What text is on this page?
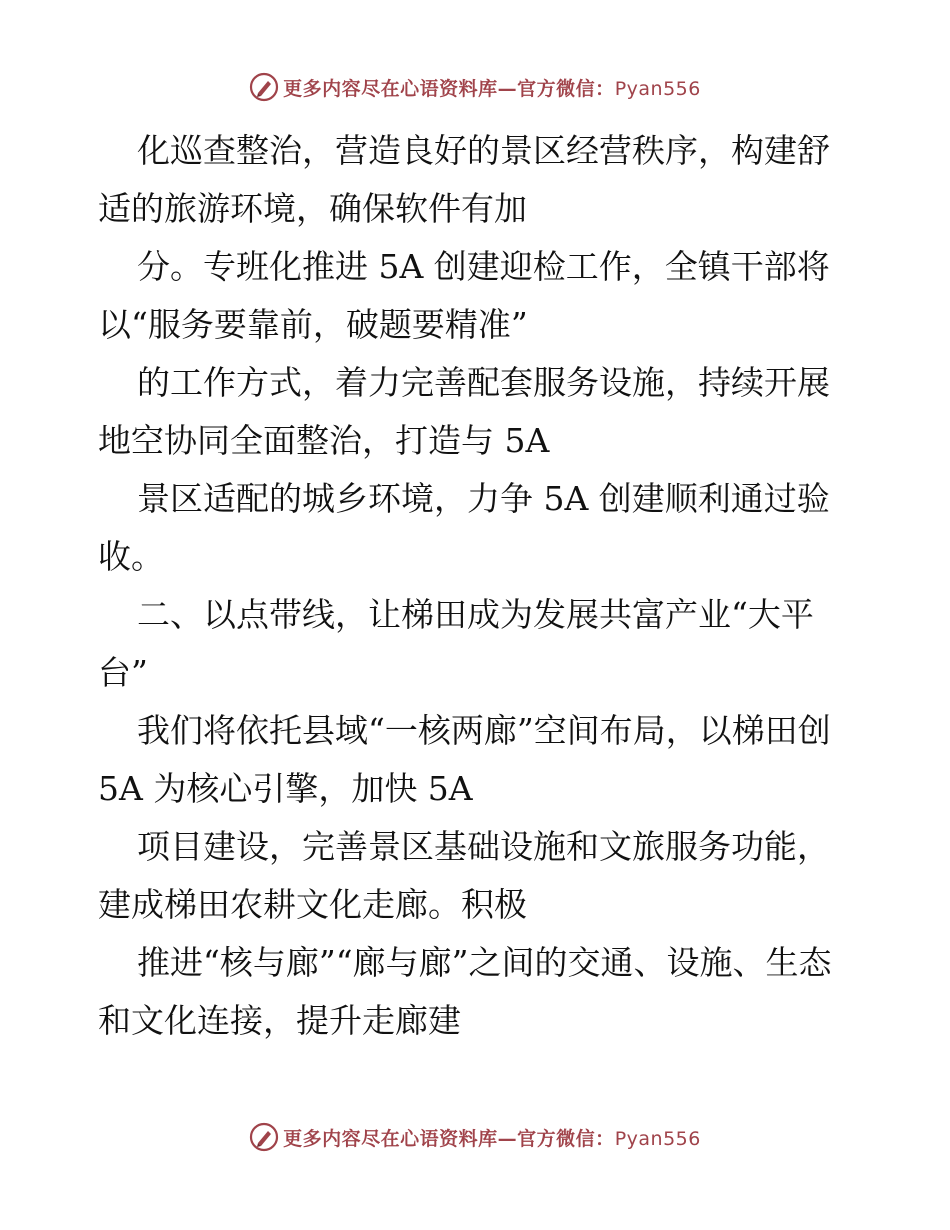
更多内容尽在心语资料库—官方微信：Pyan556

化巡查整治，营造良好的景区经营秩序，构建舒适的旅游环境，确保软件有加

分。专班化推进 5A 创建迎检工作，全镇干部将以“服务要靠前，破题要精准”

的工作方式，着力完善配套服务设施，持续开展地空协同全面整治，打造与 5A

景区适配的城乡环境，力争 5A 创建顺利通过验收。

二、以点带线，让梯田成为发展共富产业“大平台”

我们将依托县域“一核两廊”空间布局，以梯田创 5A 为核心引擎，加快 5A

项目建设，完善景区基础设施和文旅服务功能，建成梯田农耕文化走廊。积极

推进“核与廊”“廊与廊”之间的交通、设施、生态和文化连接，提升走廊建

更多内容尽在心语资料库—官方微信：Pyan556
